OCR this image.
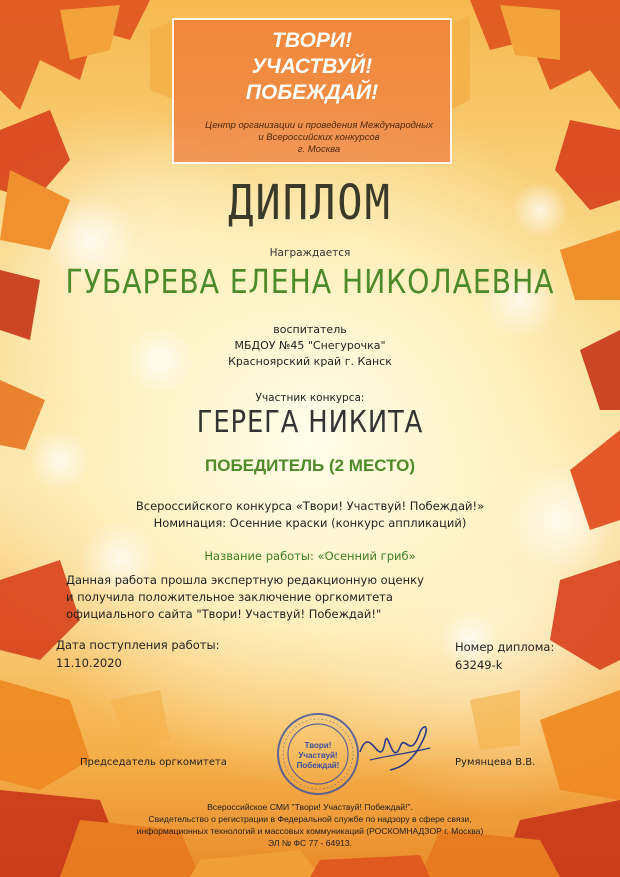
ТВОРИ!
УЧАСТВУЙ!
ПОБЕЖДАЙ!
Центр организации и проведения Международных
и Всероссийских конкурсов
г. Москва
ДИПЛОМ
Награждается
ГУБАРЕВА ЕЛЕНА НИКОЛАЕВНА
воспитатель
МБДОУ №45 "Снегурочка"
Красноярский край г. Канск
Участник конкурса:
ГЕРЕГА НИКИТА
ПОБЕДИТЕЛЬ (2 МЕСТО)
Всероссийского конкурса «Твори! Участвуй! Побеждай!»
Номинация: Осенние краски (конкурс аппликаций)
Название работы: «Осенний гриб»
Данная работа прошла экспертную редакционную оценку
и получила положительное заключение оргкомитета
официального сайта "Твори! Участвуй! Побеждай!"
Дата поступления работы:
11.10.2020
Номер диплома:
63249-k
Твори!
Участвуй!
Побеждай!
Председатель оргкомитета	Румянцева В.В.
Всероссийское СМИ "Твори! Участвуй! Побеждай!".
Свидетельство о регистрации в Федеральной службе по надзору в сфере связи,
информационных технологий и массовых коммуникаций (РОСКОМНАДЗОР г. Москва)
ЭЛ № ФС 77 - 64913.
